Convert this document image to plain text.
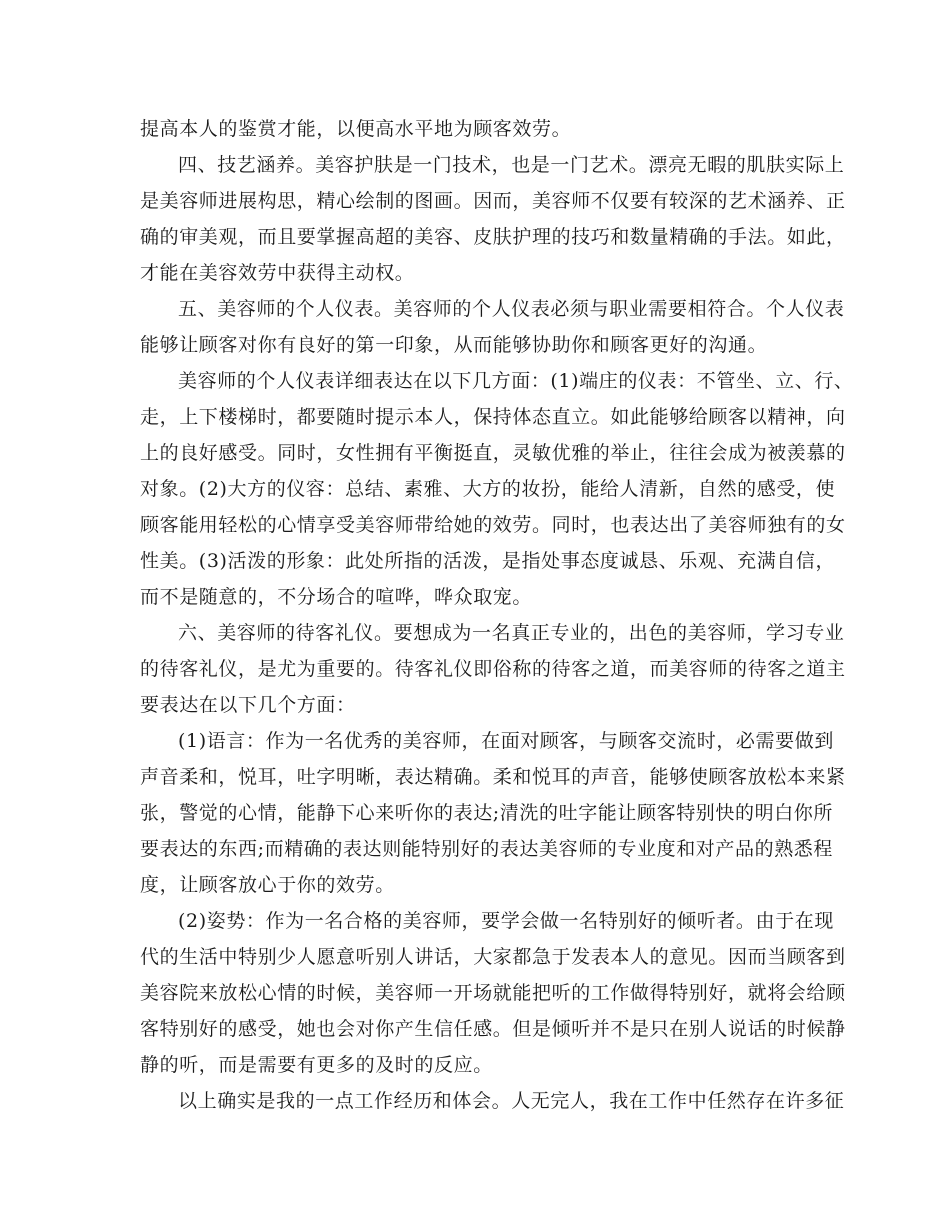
提高本人的鉴赏才能，以便高水平地为顾客效劳。
四、技艺涵养。美容护肤是一门技术，也是一门艺术。漂亮无暇的肌肤实际上
是美容师进展构思，精心绘制的图画。因而，美容师不仅要有较深的艺术涵养、正
确的审美观，而且要掌握高超的美容、皮肤护理的技巧和数量精确的手法。如此，
才能在美容效劳中获得主动权。
五、美容师的个人仪表。美容师的个人仪表必须与职业需要相符合。个人仪表
能够让顾客对你有良好的第一印象，从而能够协助你和顾客更好的沟通。
美容师的个人仪表详细表达在以下几方面：(1)端庄的仪表：不管坐、立、行、
走，上下楼梯时，都要随时提示本人，保持体态直立。如此能够给顾客以精神，向
上的良好感受。同时，女性拥有平衡挺直，灵敏优雅的举止，往往会成为被羡慕的
对象。(2)大方的仪容：总结、素雅、大方的妆扮，能给人清新，自然的感受，使
顾客能用轻松的心情享受美容师带给她的效劳。同时，也表达出了美容师独有的女
性美。(3)活泼的形象：此处所指的活泼，是指处事态度诚恳、乐观、充满自信，
而不是随意的，不分场合的喧哗，哗众取宠。
六、美容师的待客礼仪。要想成为一名真正专业的，出色的美容师，学习专业
的待客礼仪，是尤为重要的。待客礼仪即俗称的待客之道，而美容师的待客之道主
要表达在以下几个方面：
(1)语言：作为一名优秀的美容师，在面对顾客，与顾客交流时，必需要做到
声音柔和，悦耳，吐字明晰，表达精确。柔和悦耳的声音，能够使顾客放松本来紧
张，警觉的心情，能静下心来听你的表达;清洗的吐字能让顾客特别快的明白你所
要表达的东西;而精确的表达则能特别好的表达美容师的专业度和对产品的熟悉程
度，让顾客放心于你的效劳。
(2)姿势：作为一名合格的美容师，要学会做一名特别好的倾听者。由于在现
代的生活中特别少人愿意听别人讲话，大家都急于发表本人的意见。因而当顾客到
美容院来放松心情的时候，美容师一开场就能把听的工作做得特别好，就将会给顾
客特别好的感受，她也会对你产生信任感。但是倾听并不是只在别人说话的时候静
静的听，而是需要有更多的及时的反应。
以上确实是我的一点工作经历和体会。人无完人，我在工作中任然存在许多征
